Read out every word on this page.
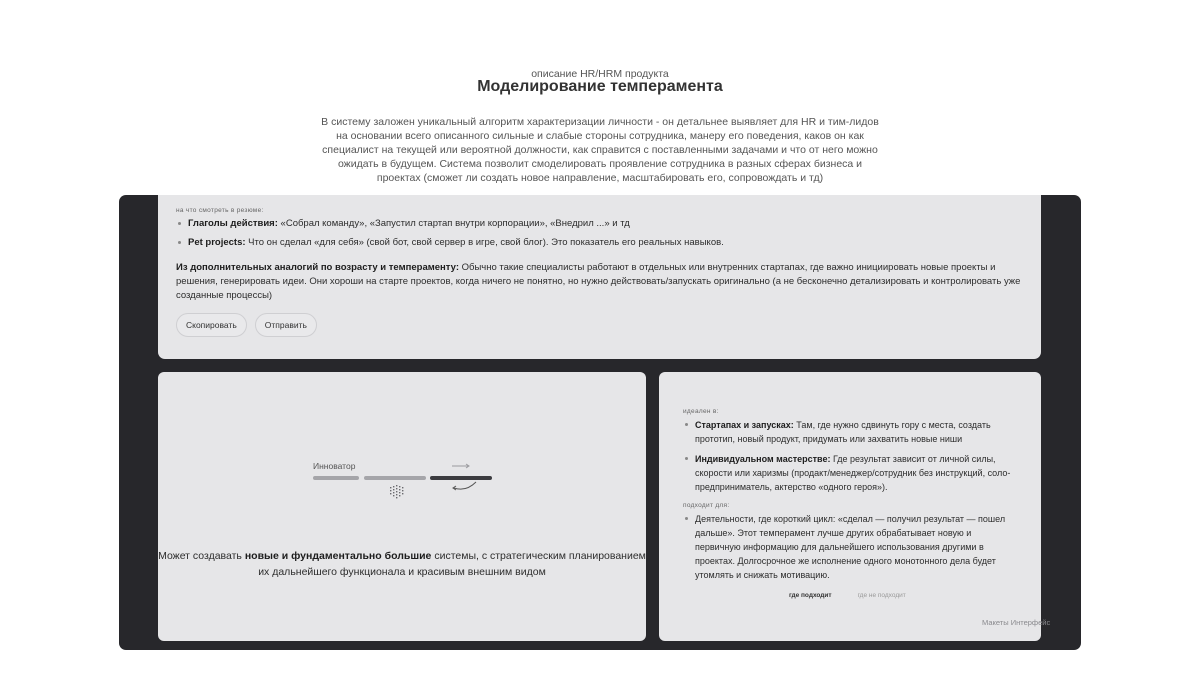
описание HR/HRM продукта
Моделирование темперамента
В систему заложен уникальный алгоритм характеризации личности - он детальнее выявляет для HR и тим-лидов на основании всего описанного сильные и слабые стороны сотрудника, манеру его поведения, каков он как специалист на текущей или вероятной должности, как справится с поставленными задачами и что от него можно ожидать в будущем. Система позволит смоделировать проявление сотрудника в разных сферах бизнеса и проектах (сможет ли создать новое направление, масштабировать его, сопровождать и тд)
на что смотреть в резюме:
Глаголы действия: «Собрал команду», «Запустил стартап внутри корпорации», «Внедрил ...» и тд
Pet projects: Что он сделал «для себя» (свой бот, свой сервер в игре, свой блог). Это показатель его реальных навыков.
Из дополнительных аналогий по возрасту и темпераменту: Обычно такие специалисты работают в отдельных или внутренних стартапах, где важно инициировать новые проекты и решения, генерировать идеи. Они хороши на старте проектов, когда ничего не понятно, но нужно действовать/запускать оригинально (а не бесконечно детализировать и контролировать уже созданные процессы)
Скопировать	Отправить
Инноватор
Может создавать новые и фундаментально большие системы, с стратегическим планированием их дальнейшего функционала и красивым внешним видом
идеален в:
Стартапах и запусках: Там, где нужно сдвинуть гору с места, создать прототип, новый продукт, придумать или захватить новые ниши
Индивидуальном мастерстве: Где результат зависит от личной силы, скорости или харизмы (продакт/менеджер/сотрудник без инструкций, соло-предприниматель, актерство «одного героя»).
подходит для:
Деятельности, где короткий цикл: «сделал — получил результат — пошел дальше». Этот темперамент лучше других обрабатывает новую и первичную информацию для дальнейшего использования другими в проектах. Долгосрочное же исполнение одного монотонного дела будет утомлять и снижать мотивацию.
где подходит	где не подходит
Макеты Интерфейс
